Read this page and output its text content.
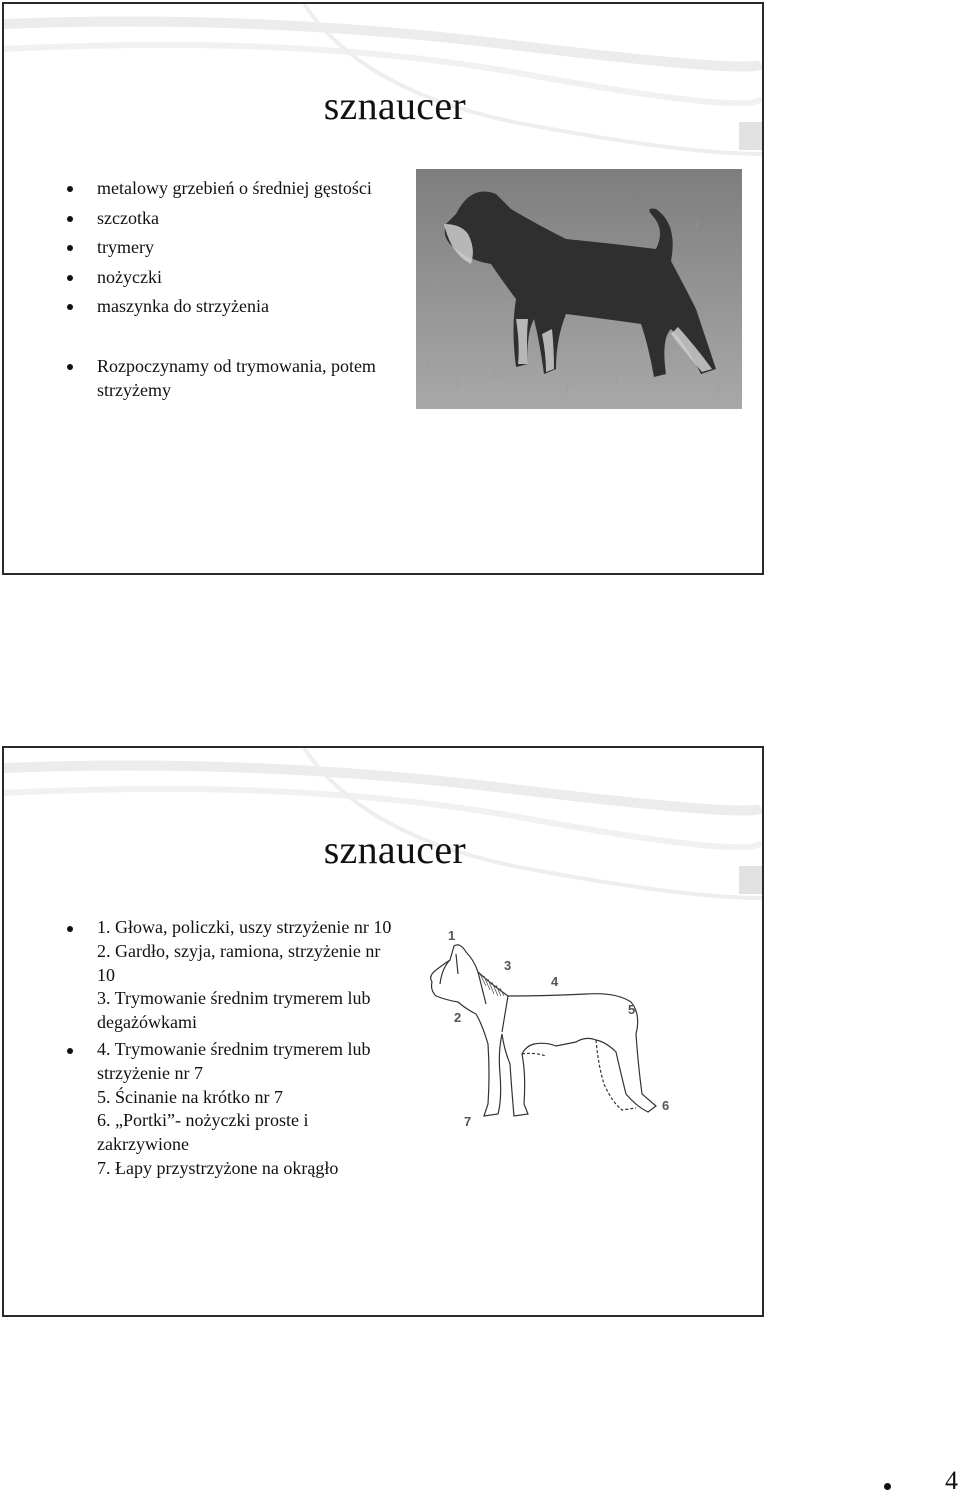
sznaucer
metalowy grzebień o średniej gęstości
szczotka
trymery
nożyczki
maszynka do strzyżenia
Rozpoczynamy od trymowania, potem strzyżemy
sznaucer
1. Głowa, policzki, uszy strzyżenie nr 10
2. Gardło, szyja, ramiona, strzyżenie nr 10
3. Trymowanie średnim trymerem lub degażówkami
4. Trymowanie średnim trymerem lub strzyżenie nr 7
5. Ścinanie na krótko nr 7
6. „Portki”- nożyczki proste i zakrzywione
7. Łapy przystrzyżone na okrągło
1
2
3
4
5
6
7
4
